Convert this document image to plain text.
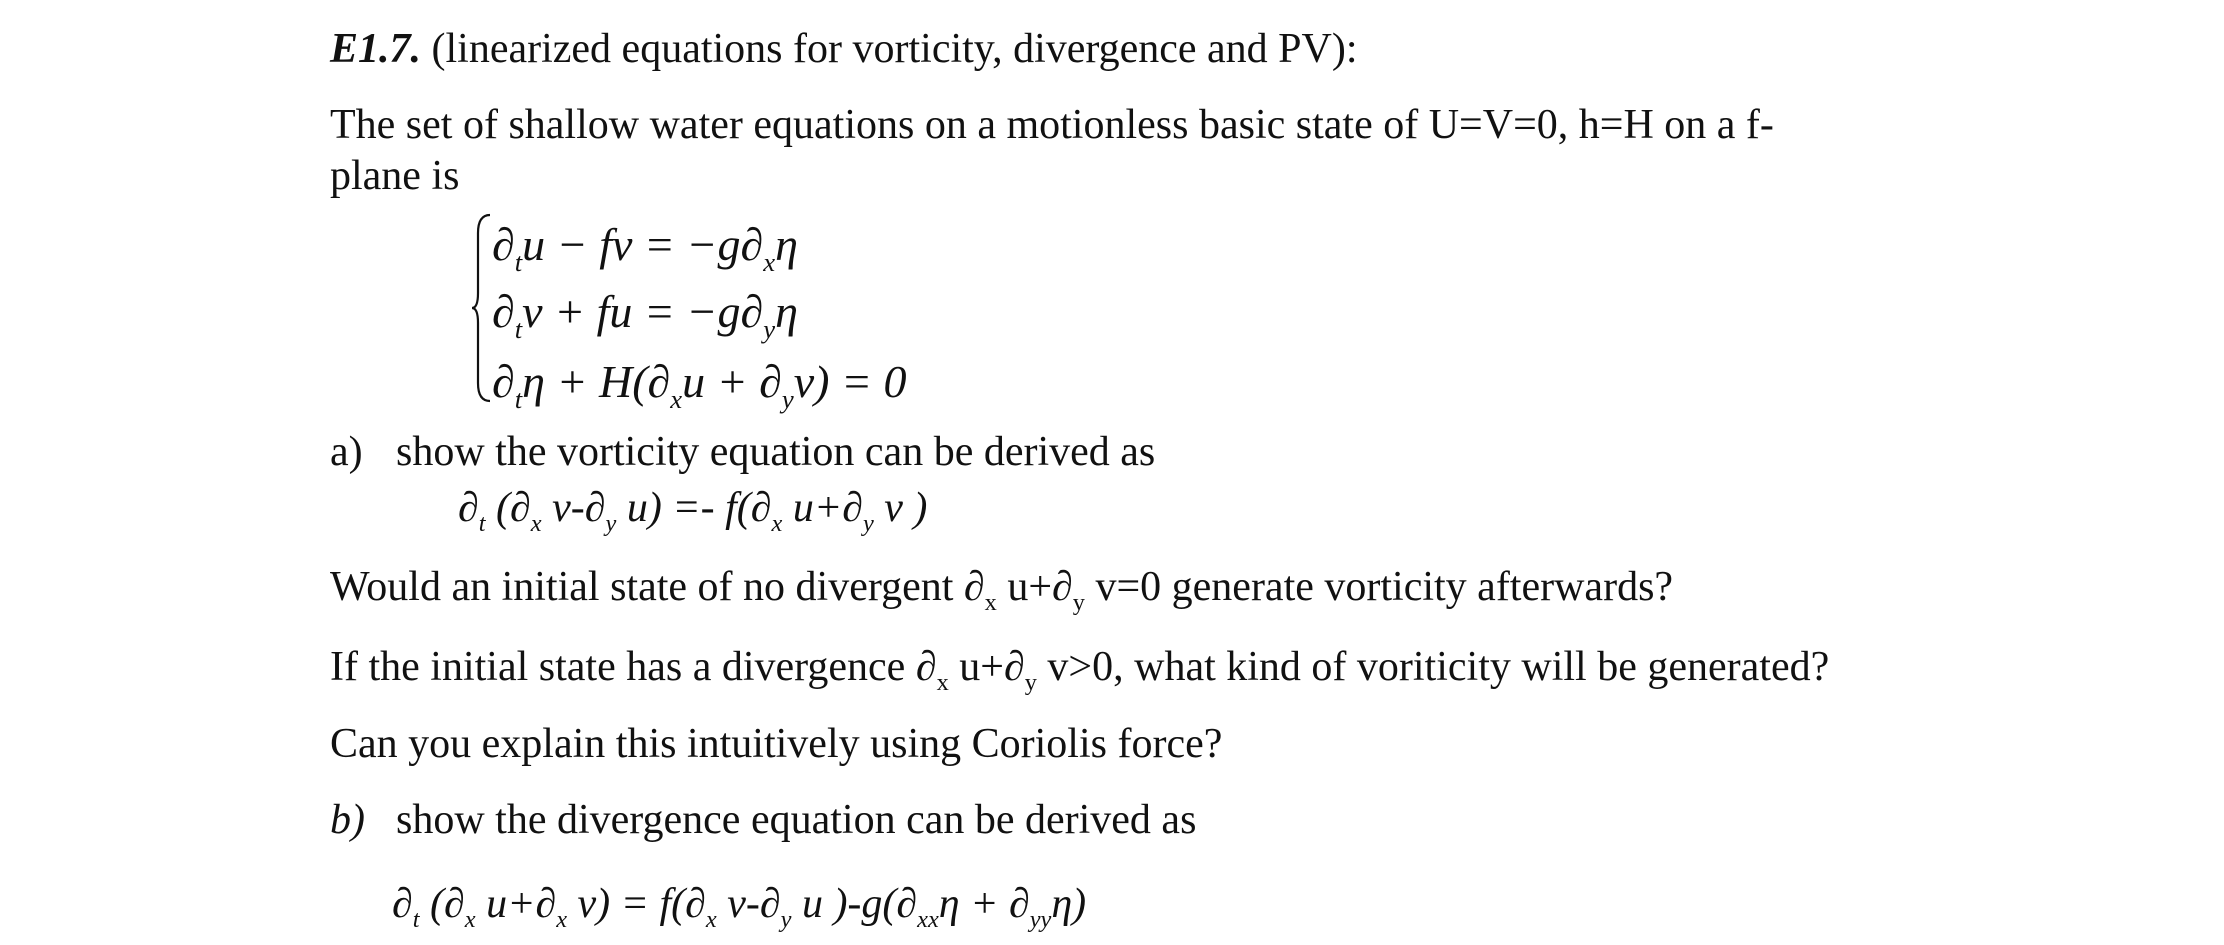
E1.7. (linearized equations for vorticity, divergence and PV):
The set of shallow water equations on a motionless basic state of U=V=0, h=H on a f-
plane is
$\partial_tu$ − fv = $-g\partial_x\eta$
$\partial_tv$ + fu = $-g\partial_y\eta$
$\partial_t\eta + H(\partial_xu + \partial_yv) = 0$
a) show the vorticity equation can be derived as
$\partial_t$ ($\partial_x$ $v-\partial_y$ $u) =- f(\partial_x$ $u+\partial_y$ v )
Would an initial state of no divergent $\partial_x$ $u+\partial_y$ v=0 generate vorticity afterwards?
If the initial state has a divergence $\partial_x$ $u+\partial_y$ v>0, what kind of voriticity will be generated?
Can you explain this intuitively using Coriolis force?
b) show the divergence equation can be derived as
$\partial_t$ ($\partial_x$ $u+\partial_x$ $v) = f(\partial_x$ $v-\partial_y$ u )$-g(\partial_{xx}\eta + \partial_{yy}\eta)$
